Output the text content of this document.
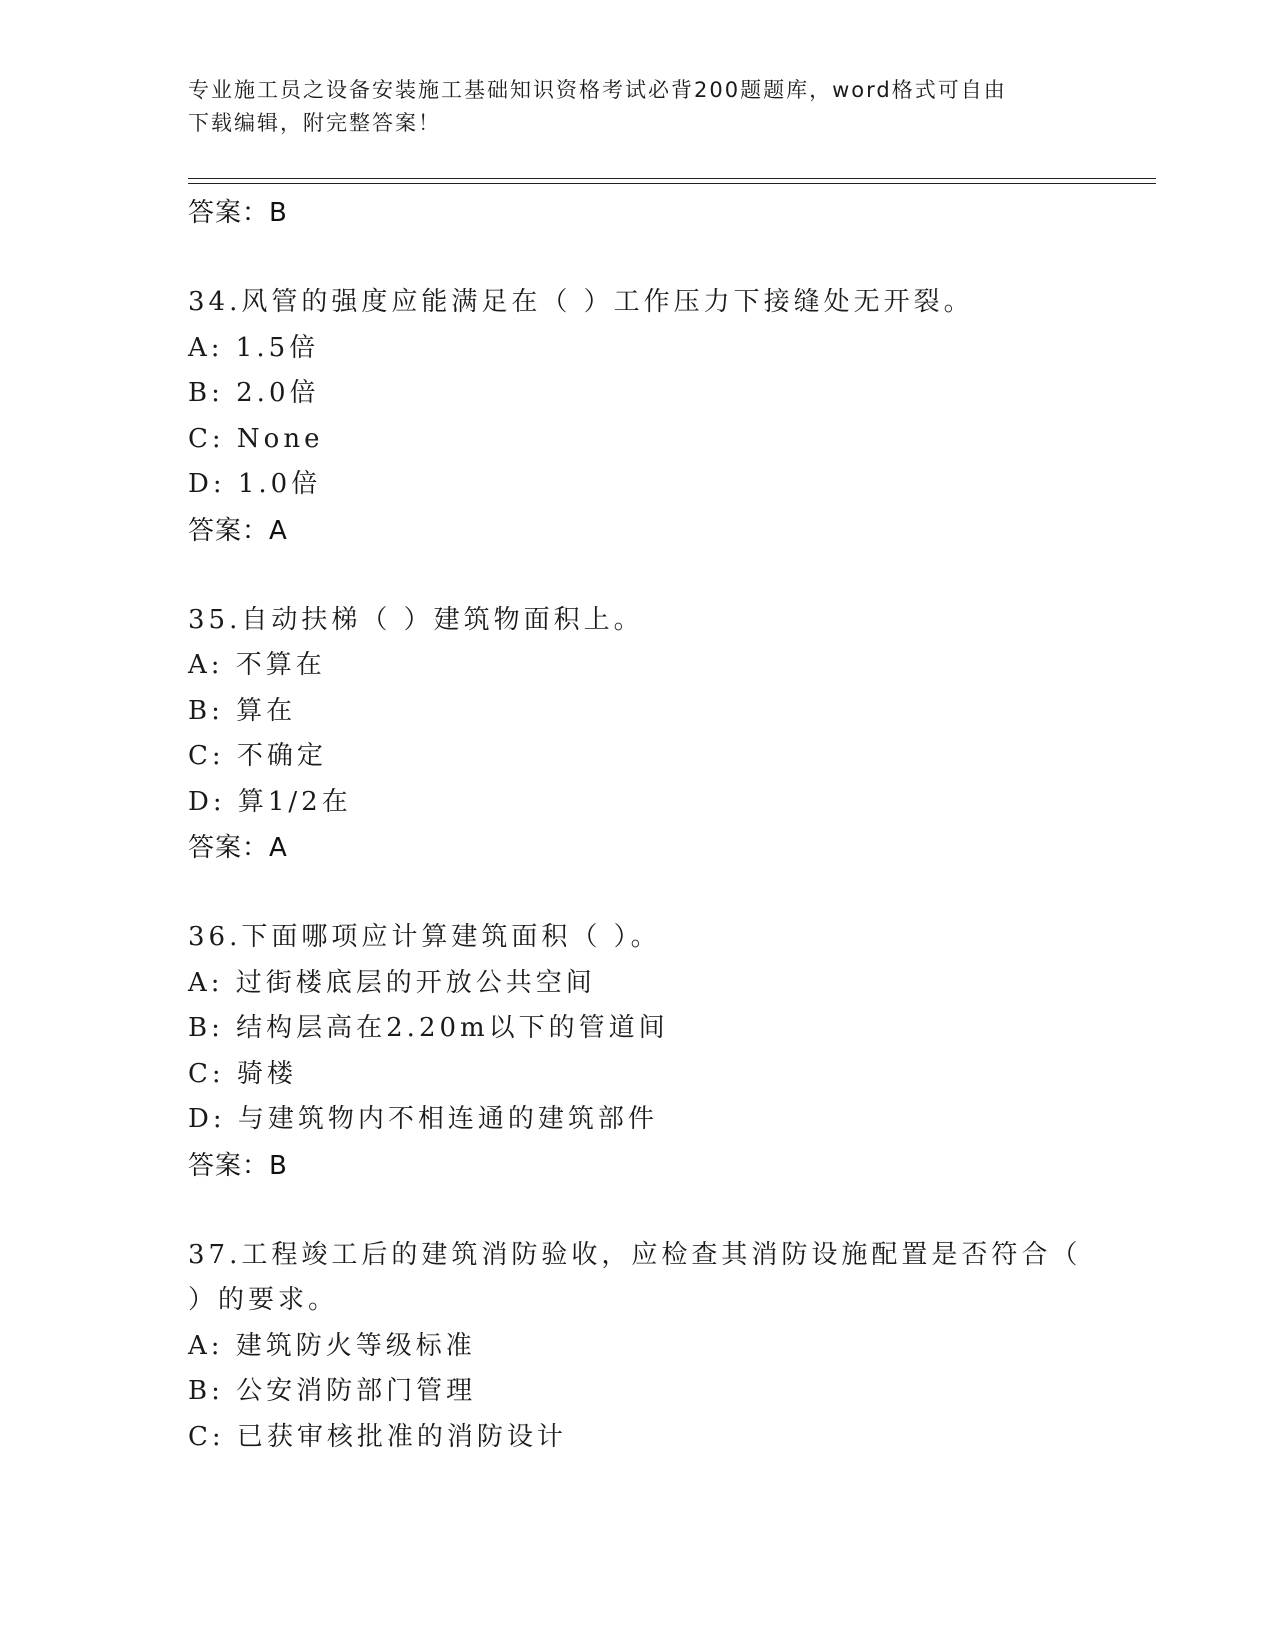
专业施工员之设备安装施工基础知识资格考试必背200题题库，word格式可自由
下载编辑，附完整答案！
答案：B
34.风管的强度应能满足在（ ）工作压力下接缝处无开裂。
A: 1.5倍
B: 2.0倍
C: None
D: 1.0倍
答案：A
35.自动扶梯（ ）建筑物面积上。
A: 不算在
B: 算在
C: 不确定
D: 算1/2在
答案：A
36.下面哪项应计算建筑面积（ ）。
A: 过街楼底层的开放公共空间
B: 结构层高在2.20m以下的管道间
C: 骑楼
D: 与建筑物内不相连通的建筑部件
答案：B
37.工程竣工后的建筑消防验收，应检查其消防设施配置是否符合（
）的要求。
A: 建筑防火等级标准
B: 公安消防部门管理
C: 已获审核批准的消防设计
